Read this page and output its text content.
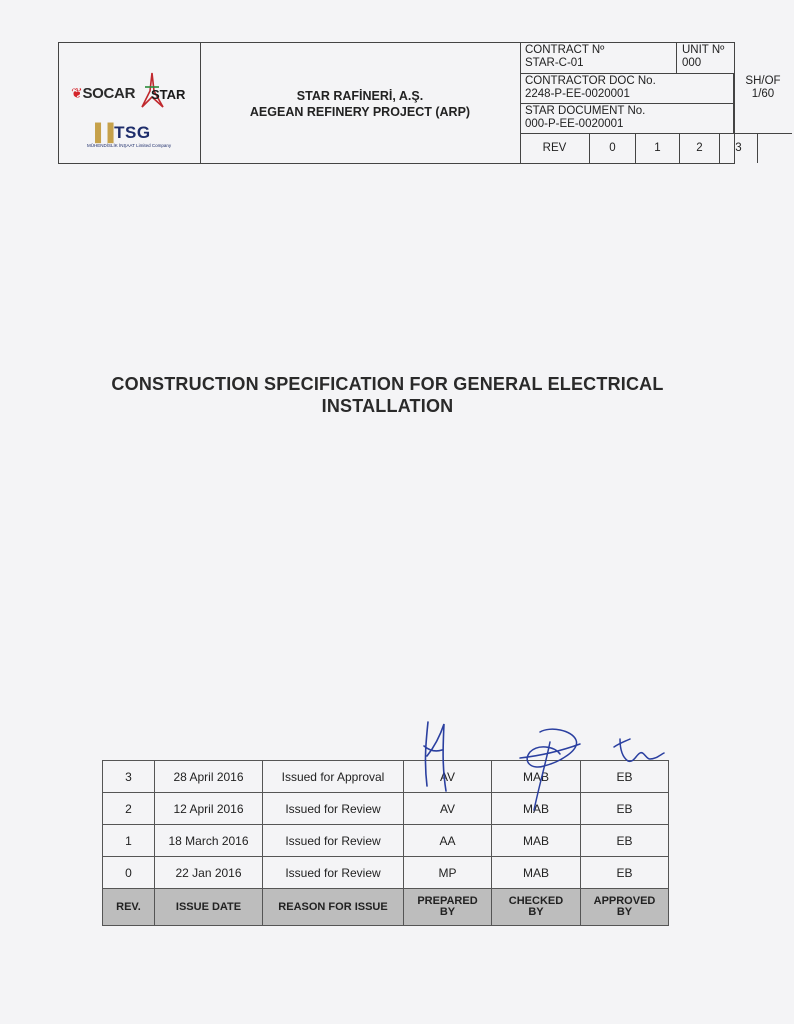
❦SOCAR STAR
▐▐TSG
MÜHENDİSLİK İNŞAAT Limited Company
STAR RAFİNERİ, A.Ş.
AEGEAN REFINERY PROJECT (ARP)
CONTRACT Nº
STAR-C-01
UNIT Nº
000
CONTRACTOR DOC No.
2248-P-EE-0020001
STAR DOCUMENT No.
000-P-EE-0020001
SH/OF
1/60
REV	0	1	2	3
CONSTRUCTION SPECIFICATION FOR GENERAL ELECTRICAL
INSTALLATION
3	28 April 2016	Issued for Approval	AV	MAB	EB
2	12 April 2016	Issued for Review	AV	MAB	EB
1	18 March 2016	Issued for Review	AA	MAB	EB
0	22 Jan 2016	Issued for Review	MP	MAB	EB
REV.	ISSUE DATE	REASON FOR ISSUE	PREPARED BY	CHECKED BY	APPROVED BY
